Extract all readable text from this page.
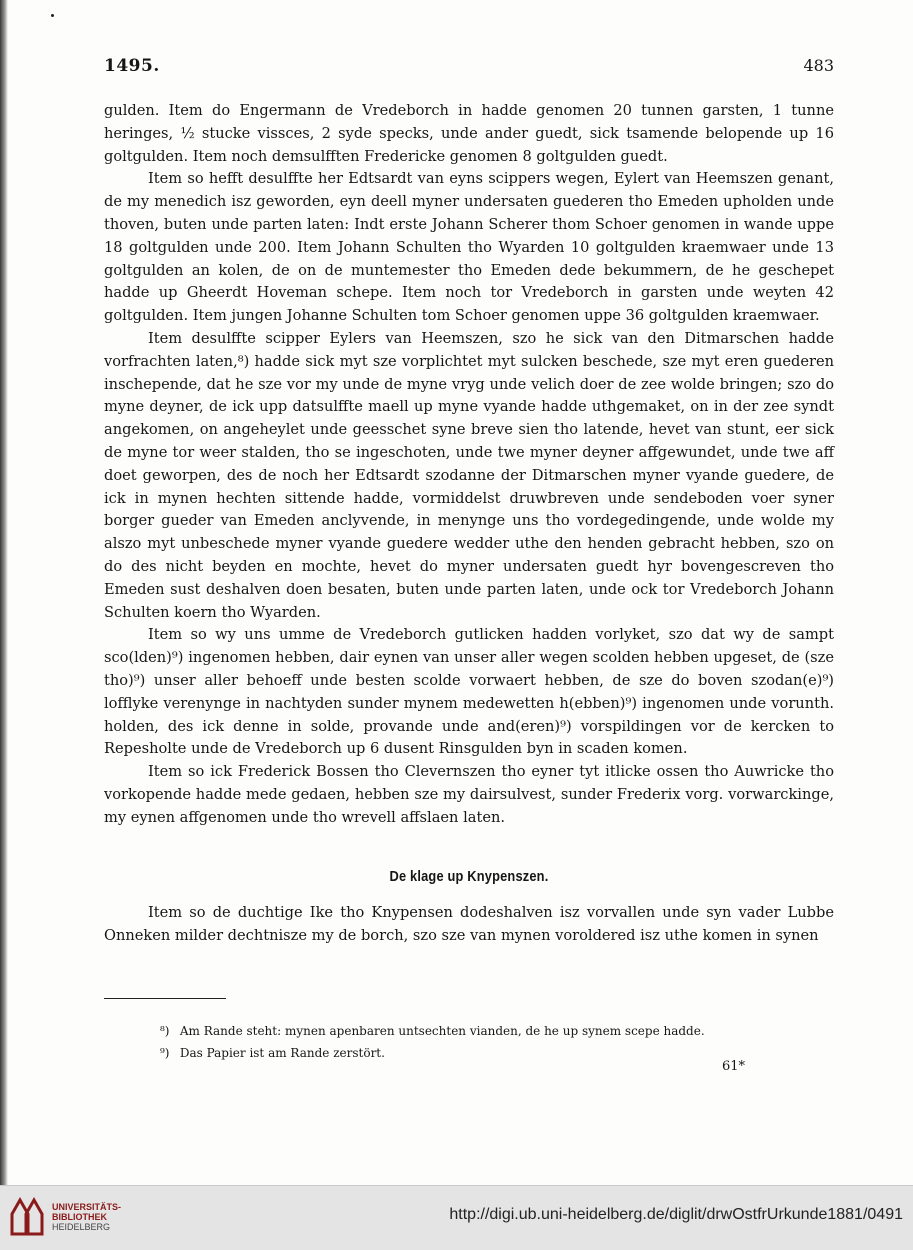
1495.	483

gulden. Item do Engermann de Vredeborch in hadde genomen 20 tunnen garsten, 1 tunne heringes, ½ stucke vissces, 2 syde specks, unde ander guedt, sick tsamende belopende up 16 goltgulden. Item noch demsulfften Fredericke genomen 8 goltgulden guedt.

Item so hefft desulffte her Edtsardt van eyns scippers wegen, Eylert van Heemszen genant, de my menedich isz geworden, eyn deell myner undersaten guederen tho Emeden upholden unde thoven, buten unde parten laten: Indt erste Johann Scherer thom Schoer genomen in wande uppe 18 goltgulden unde 200. Item Johann Schulten tho Wyarden 10 goltgulden kraemwaer unde 13 goltgulden an kolen, de on de muntemester tho Emeden dede bekummern, de he geschepet hadde up Gheerdt Hoveman schepe. Item noch tor Vredeborch in garsten unde weyten 42 goltgulden. Item jungen Johanne Schulten tom Schoer genomen uppe 36 goltgulden kraemwaer.

Item desulffte scipper Eylers van Heemszen, szo he sick van den Ditmarschen hadde vorfrachten laten,⁸) hadde sick myt sze vorplichtet myt sulcken beschede, sze myt eren guederen inschepende, dat he sze vor my unde de myne vryg unde velich doer de zee wolde bringen; szo do myne deyner, de ick upp datsulffte maell up myne vyande hadde uthgemaket, on in der zee syndt angekomen, on angeheylet unde geesschet syne breve sien tho latende, hevet van stunt, eer sick de myne tor weer stalden, tho se ingeschoten, unde twe myner deyner affgewundet, unde twe aff doet geworpen, des de noch her Edtsardt szodanne der Ditmarschen myner vyande guedere, de ick in mynen hechten sittende hadde, vormiddelst druwbreven unde sendeboden voer syner borger gueder van Emeden anclyvende, in menynge uns tho vordegedingende, unde wolde my alszo myt unbeschede myner vyande guedere wedder uthe den henden gebracht hebben, szo on do des nicht beyden en mochte, hevet do myner undersaten guedt hyr bovengescreven tho Emeden sust deshalven doen besaten, buten unde parten laten, unde ock tor Vredeborch Johann Schulten koern tho Wyarden.

Item so wy uns umme de Vredeborch gutlicken hadden vorlyket, szo dat wy de sampt sco(lden)⁹) ingenomen hebben, dair eynen van unser aller wegen scolden hebben upgeset, de (sze tho)⁹) unser aller behoeff unde besten scolde vorwaert hebben, de sze do boven szodan(e)⁹) lofflyke verenynge in nachtyden sunder mynem medewetten h(ebben)⁹) ingenomen unde vorunth. holden, des ick denne in solde, provande unde and(eren)⁹) vorspildingen vor de kercken to Repesholte unde de Vredeborch up 6 dusent Rinsgulden byn in scaden komen.

Item so ick Frederick Bossen tho Clevernszen tho eyner tyt itlicke ossen tho Auwricke tho vorkopende hadde mede gedaen, hebben sze my dairsulvest, sunder Frederix vorg. vorwarckinge, my eynen affgenomen unde tho wrevell affslaen laten.

De klage up Knypenszen.

Item so de duchtige Ike tho Knypensen dodeshalven isz vorvallen unde syn vader Lubbe Onneken milder dechtnisze my de borch, szo sze van mynen voroldered isz uthe komen in synen

⁸) Am Rande steht: mynen apenbaren untsechten vianden, de he up synem scepe hadde.
⁹) Das Papier ist am Rande zerstört.
61*
UNIVERSITÄTS-
BIBLIOTHEK
HEIDELBERG
http://digi.ub.uni-heidelberg.de/diglit/drwOstfrUrkunde1881/0491
